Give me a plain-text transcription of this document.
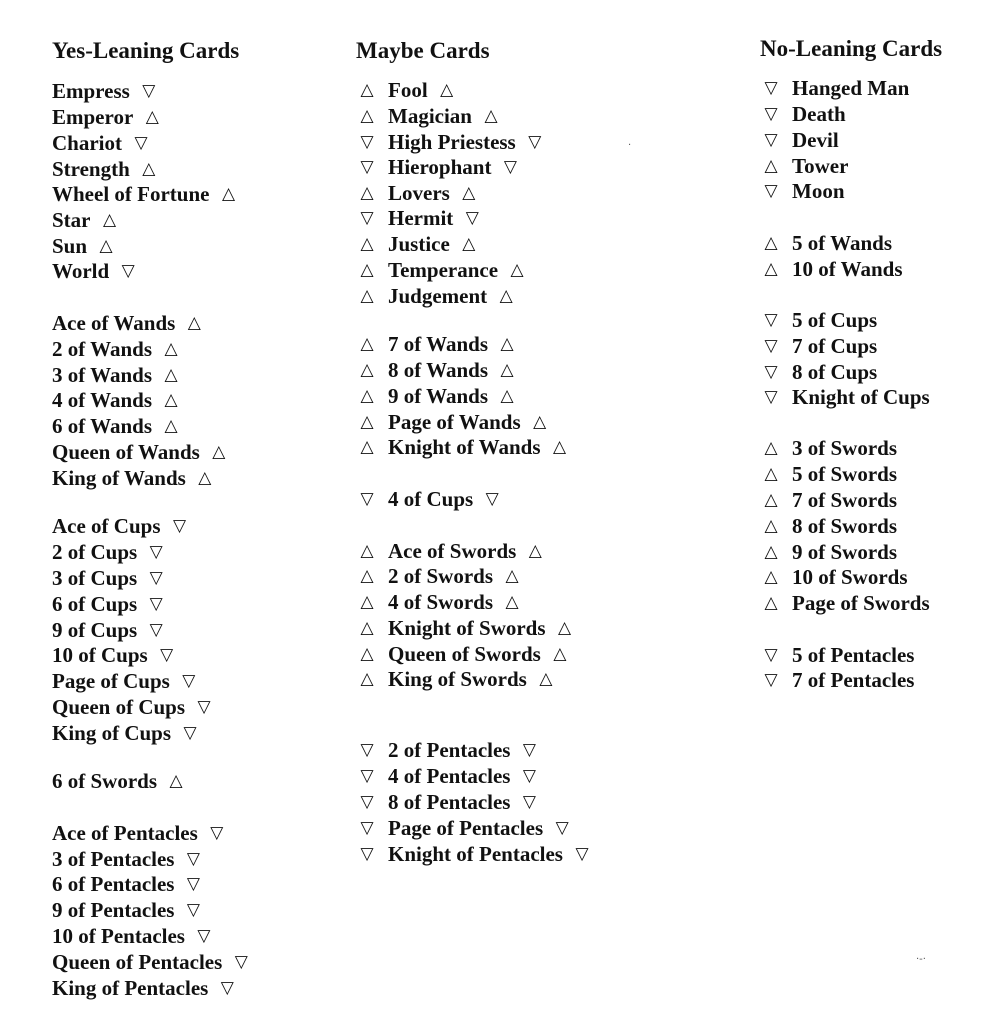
Yes-Leaning Cards
Empress ▽
Emperor △
Chariot ▽
Strength △
Wheel of Fortune △
Star △
Sun △
World ▽
Ace of Wands △
2 of Wands △
3 of Wands △
4 of Wands △
6 of Wands △
Queen of Wands △
King of Wands △
Ace of Cups ▽
2 of Cups ▽
3 of Cups ▽
6 of Cups ▽
9 of Cups ▽
10 of Cups ▽
Page of Cups ▽
Queen of Cups ▽
King of Cups ▽
6 of Swords △
Ace of Pentacles ▽
3 of Pentacles ▽
6 of Pentacles ▽
9 of Pentacles ▽
10 of Pentacles ▽
Queen of Pentacles ▽
King of Pentacles ▽
Maybe Cards
△ Fool △
△ Magician △
▽ High Priestess ▽
▽ Hierophant ▽
△ Lovers △
▽ Hermit ▽
△ Justice △
△ Temperance △
△ Judgement △
△ 7 of Wands △
△ 8 of Wands △
△ 9 of Wands △
△ Page of Wands △
△ Knight of Wands △
▽ 4 of Cups ▽
△ Ace of Swords △
△ 2 of Swords △
△ 4 of Swords △
△ Knight of Swords △
△ Queen of Swords △
△ King of Swords △
▽ 2 of Pentacles ▽
▽ 4 of Pentacles ▽
▽ 8 of Pentacles ▽
▽ Page of Pentacles ▽
▽ Knight of Pentacles ▽
No-Leaning Cards
▽ Hanged Man
▽ Death
▽ Devil
△ Tower
▽ Moon
△ 5 of Wands
△ 10 of Wands
▽ 5 of Cups
▽ 7 of Cups
▽ 8 of Cups
▽ Knight of Cups
△ 3 of Swords
△ 5 of Swords
△ 7 of Swords
△ 8 of Swords
△ 9 of Swords
△ 10 of Swords
△ Page of Swords
▽ 5 of Pentacles
▽ 7 of Pentacles
·
·-·
